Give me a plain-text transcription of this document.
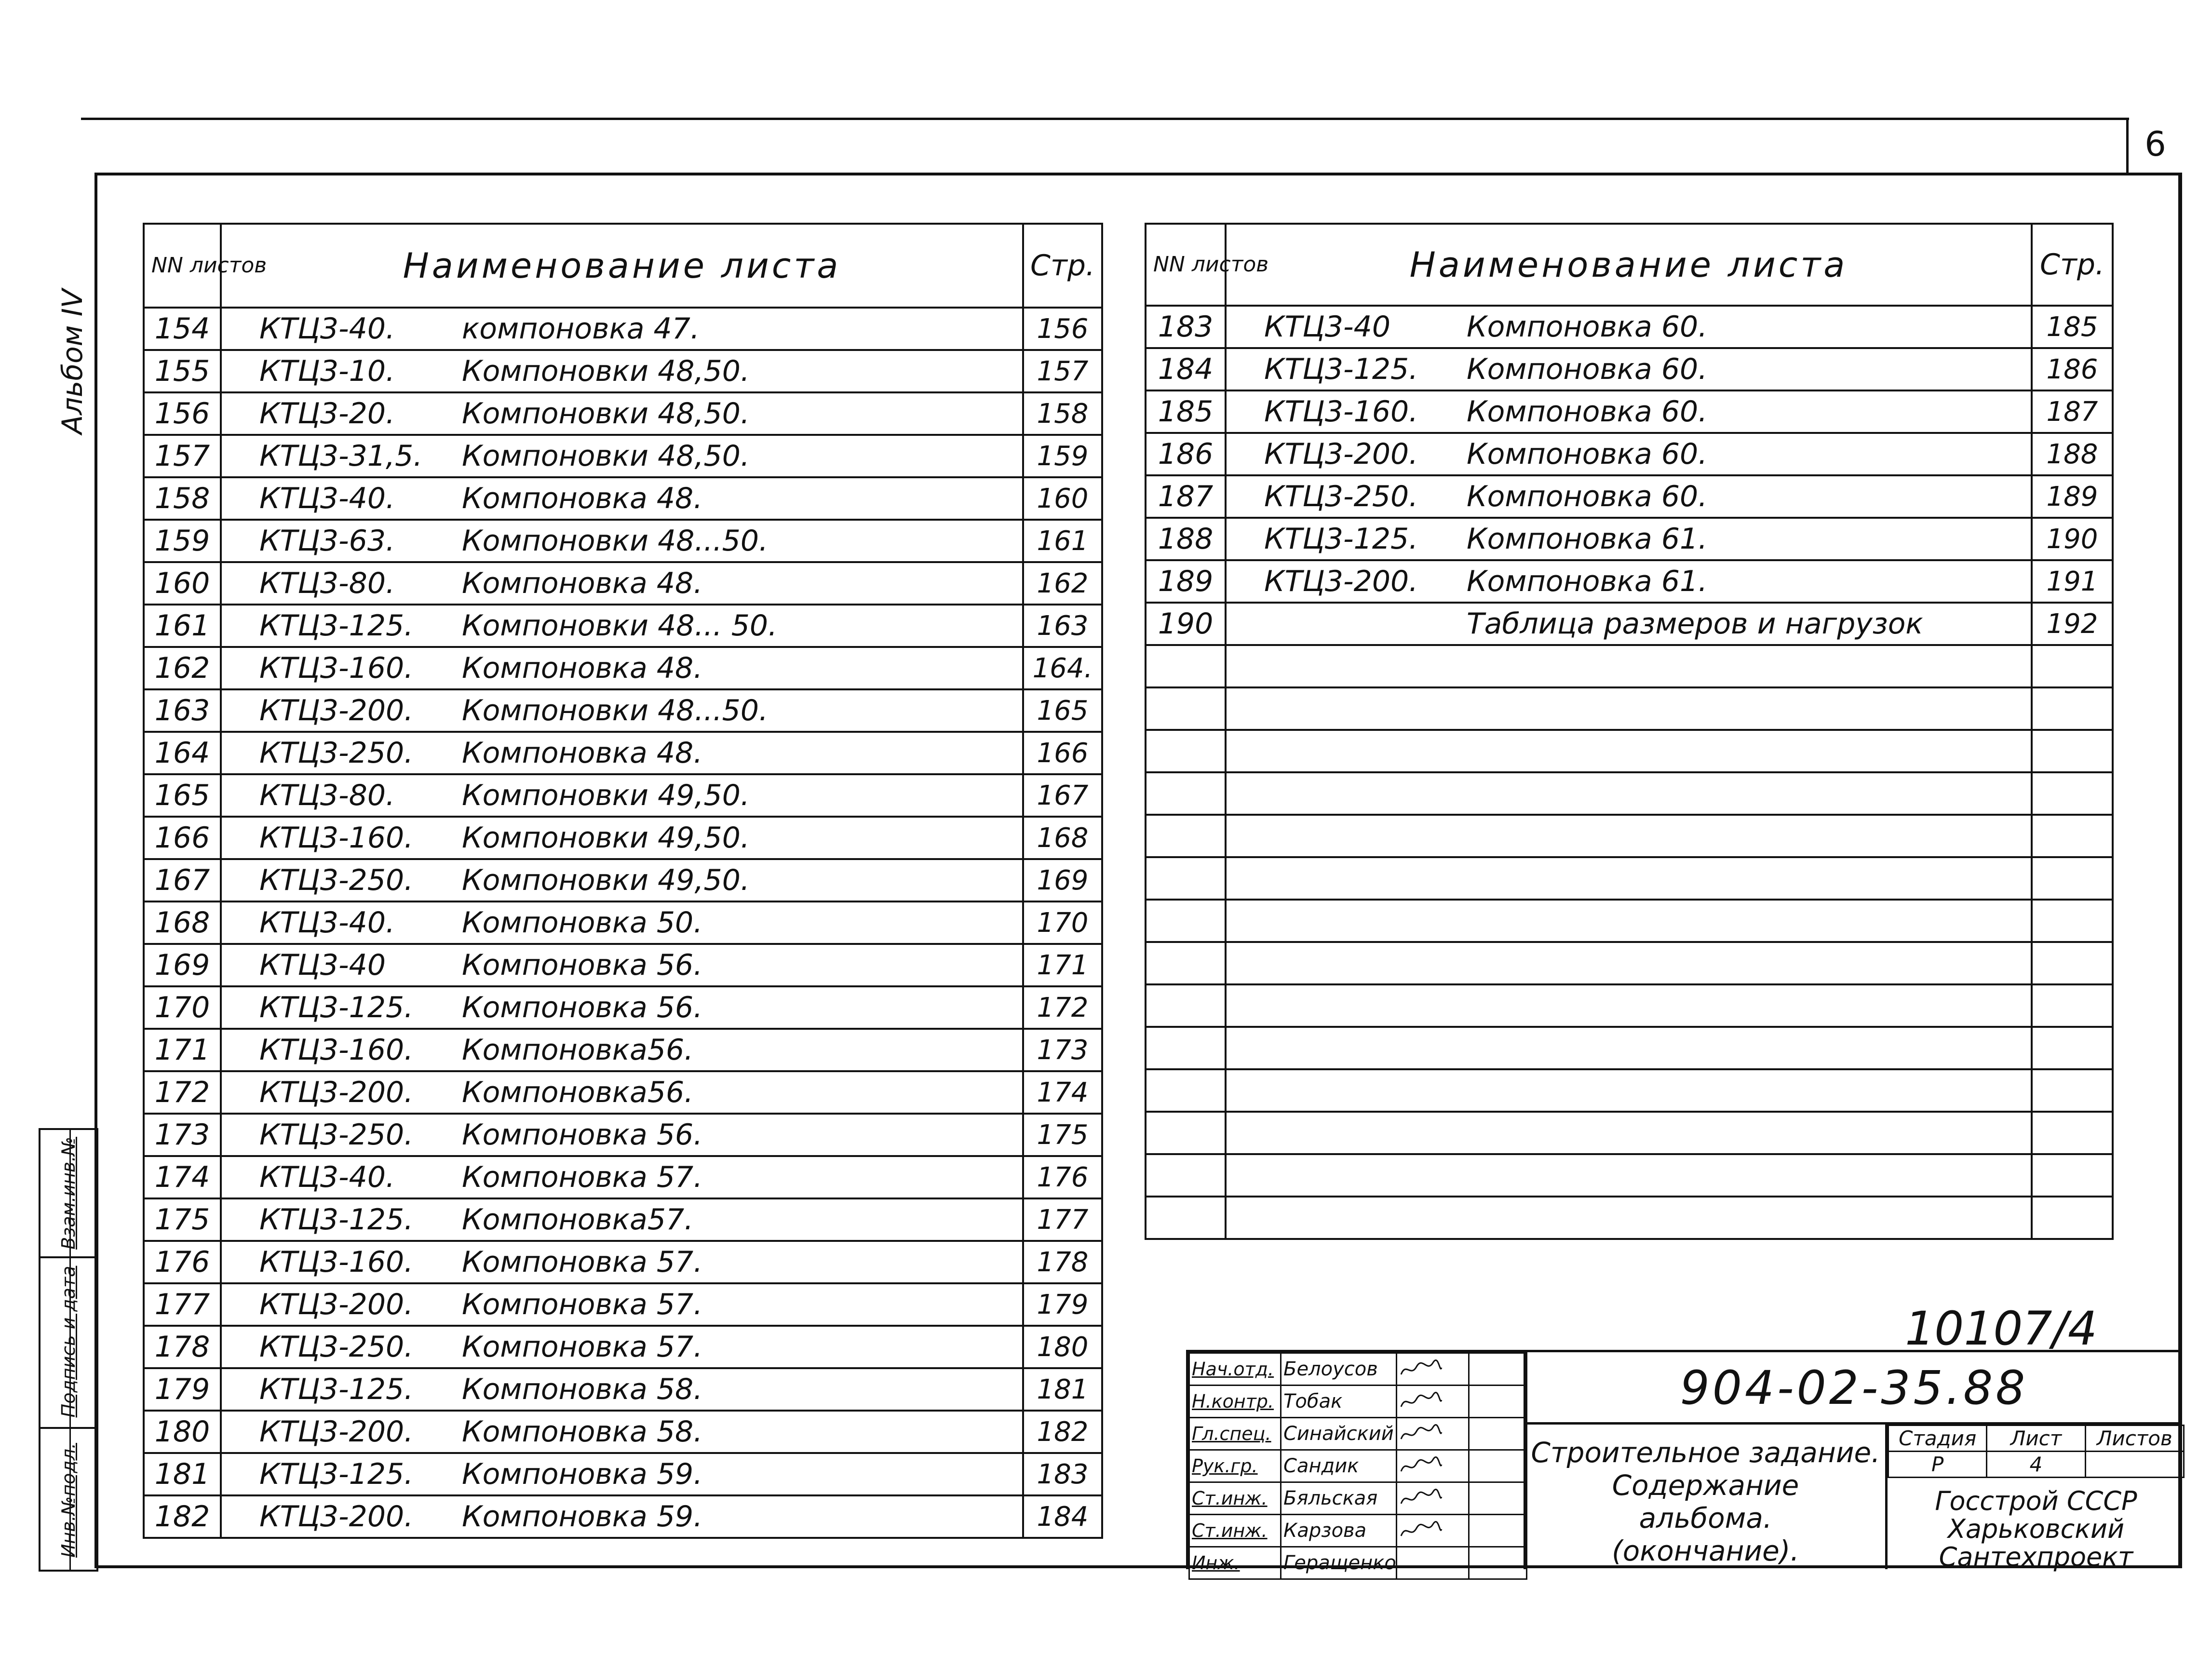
6
Альбом IV
Инв.№подл.
Подпись и дата
Взам.инв.№
NN листов	Наименование листа	Стр.
154	КТЦ3-40. компоновка 47.	156
155	КТЦ3-10. Компоновки 48,50.	157
156	КТЦ3-20. Компоновки 48,50.	158
157	КТЦ3-31,5. Компоновки 48,50.	159
158	КТЦ3-40. Компоновка 48.	160
159	КТЦ3-63. Компоновки 48...50.	161
160	КТЦ3-80. Компоновка 48.	162
161	КТЦ3-125. Компоновки 48... 50.	163
162	КТЦ3-160. Компоновка 48.	164.
163	КТЦ3-200. Компоновки 48...50.	165
164	КТЦ3-250. Компоновка 48.	166
165	КТЦ3-80. Компоновки 49,50.	167
166	КТЦ3-160. Компоновки 49,50.	168
167	КТЦ3-250. Компоновки 49,50.	169
168	КТЦ3-40. Компоновка 50.	170
169	КТЦ3-40 Компоновка 56.	171
170	КТЦ3-125. Компоновка 56.	172
171	КТЦ3-160. Компоновка56.	173
172	КТЦ3-200. Компоновка56.	174
173	КТЦ3-250. Компоновка 56.	175
174	КТЦ3-40. Компоновка 57.	176
175	КТЦ3-125. Компоновка57.	177
176	КТЦ3-160. Компоновка 57.	178
177	КТЦ3-200. Компоновка 57.	179
178	КТЦ3-250. Компоновка 57.	180
179	КТЦ3-125. Компоновка 58.	181
180	КТЦ3-200. Компоновка 58.	182
181	КТЦ3-125. Компоновка 59.	183
182	КТЦ3-200. Компоновка 59.	184
NN листов	Наименование листа	Стр.
183	КТЦ3-40 Компоновка 60.	185
184	КТЦ3-125. Компоновка 60.	186
185	КТЦ3-160. Компоновка 60.	187
186	КТЦ3-200. Компоновка 60.	188
187	КТЦ3-250. Компоновка 60.	189
188	КТЦ3-125. Компоновка 61.	190
189	КТЦ3-200. Компоновка 61.	191
190	Таблица размеров и нагрузок	192

10107/4
Нач.отд.	Белоусов	

Н.контр.	Тобак	

Гл.спец.	Синайский	

Рук.гр.	Сандик	

Ст.инж.	Бяльская	

Ст.инж.	Карзова	

Инж.	Геращенко		
904-02-35.88
Строительное задание.
Содержание
альбома.
(окончание).
Стадия	Лист	Листов
Р	4	
Госстрой СССР
Харьковский
Сантехпроект
